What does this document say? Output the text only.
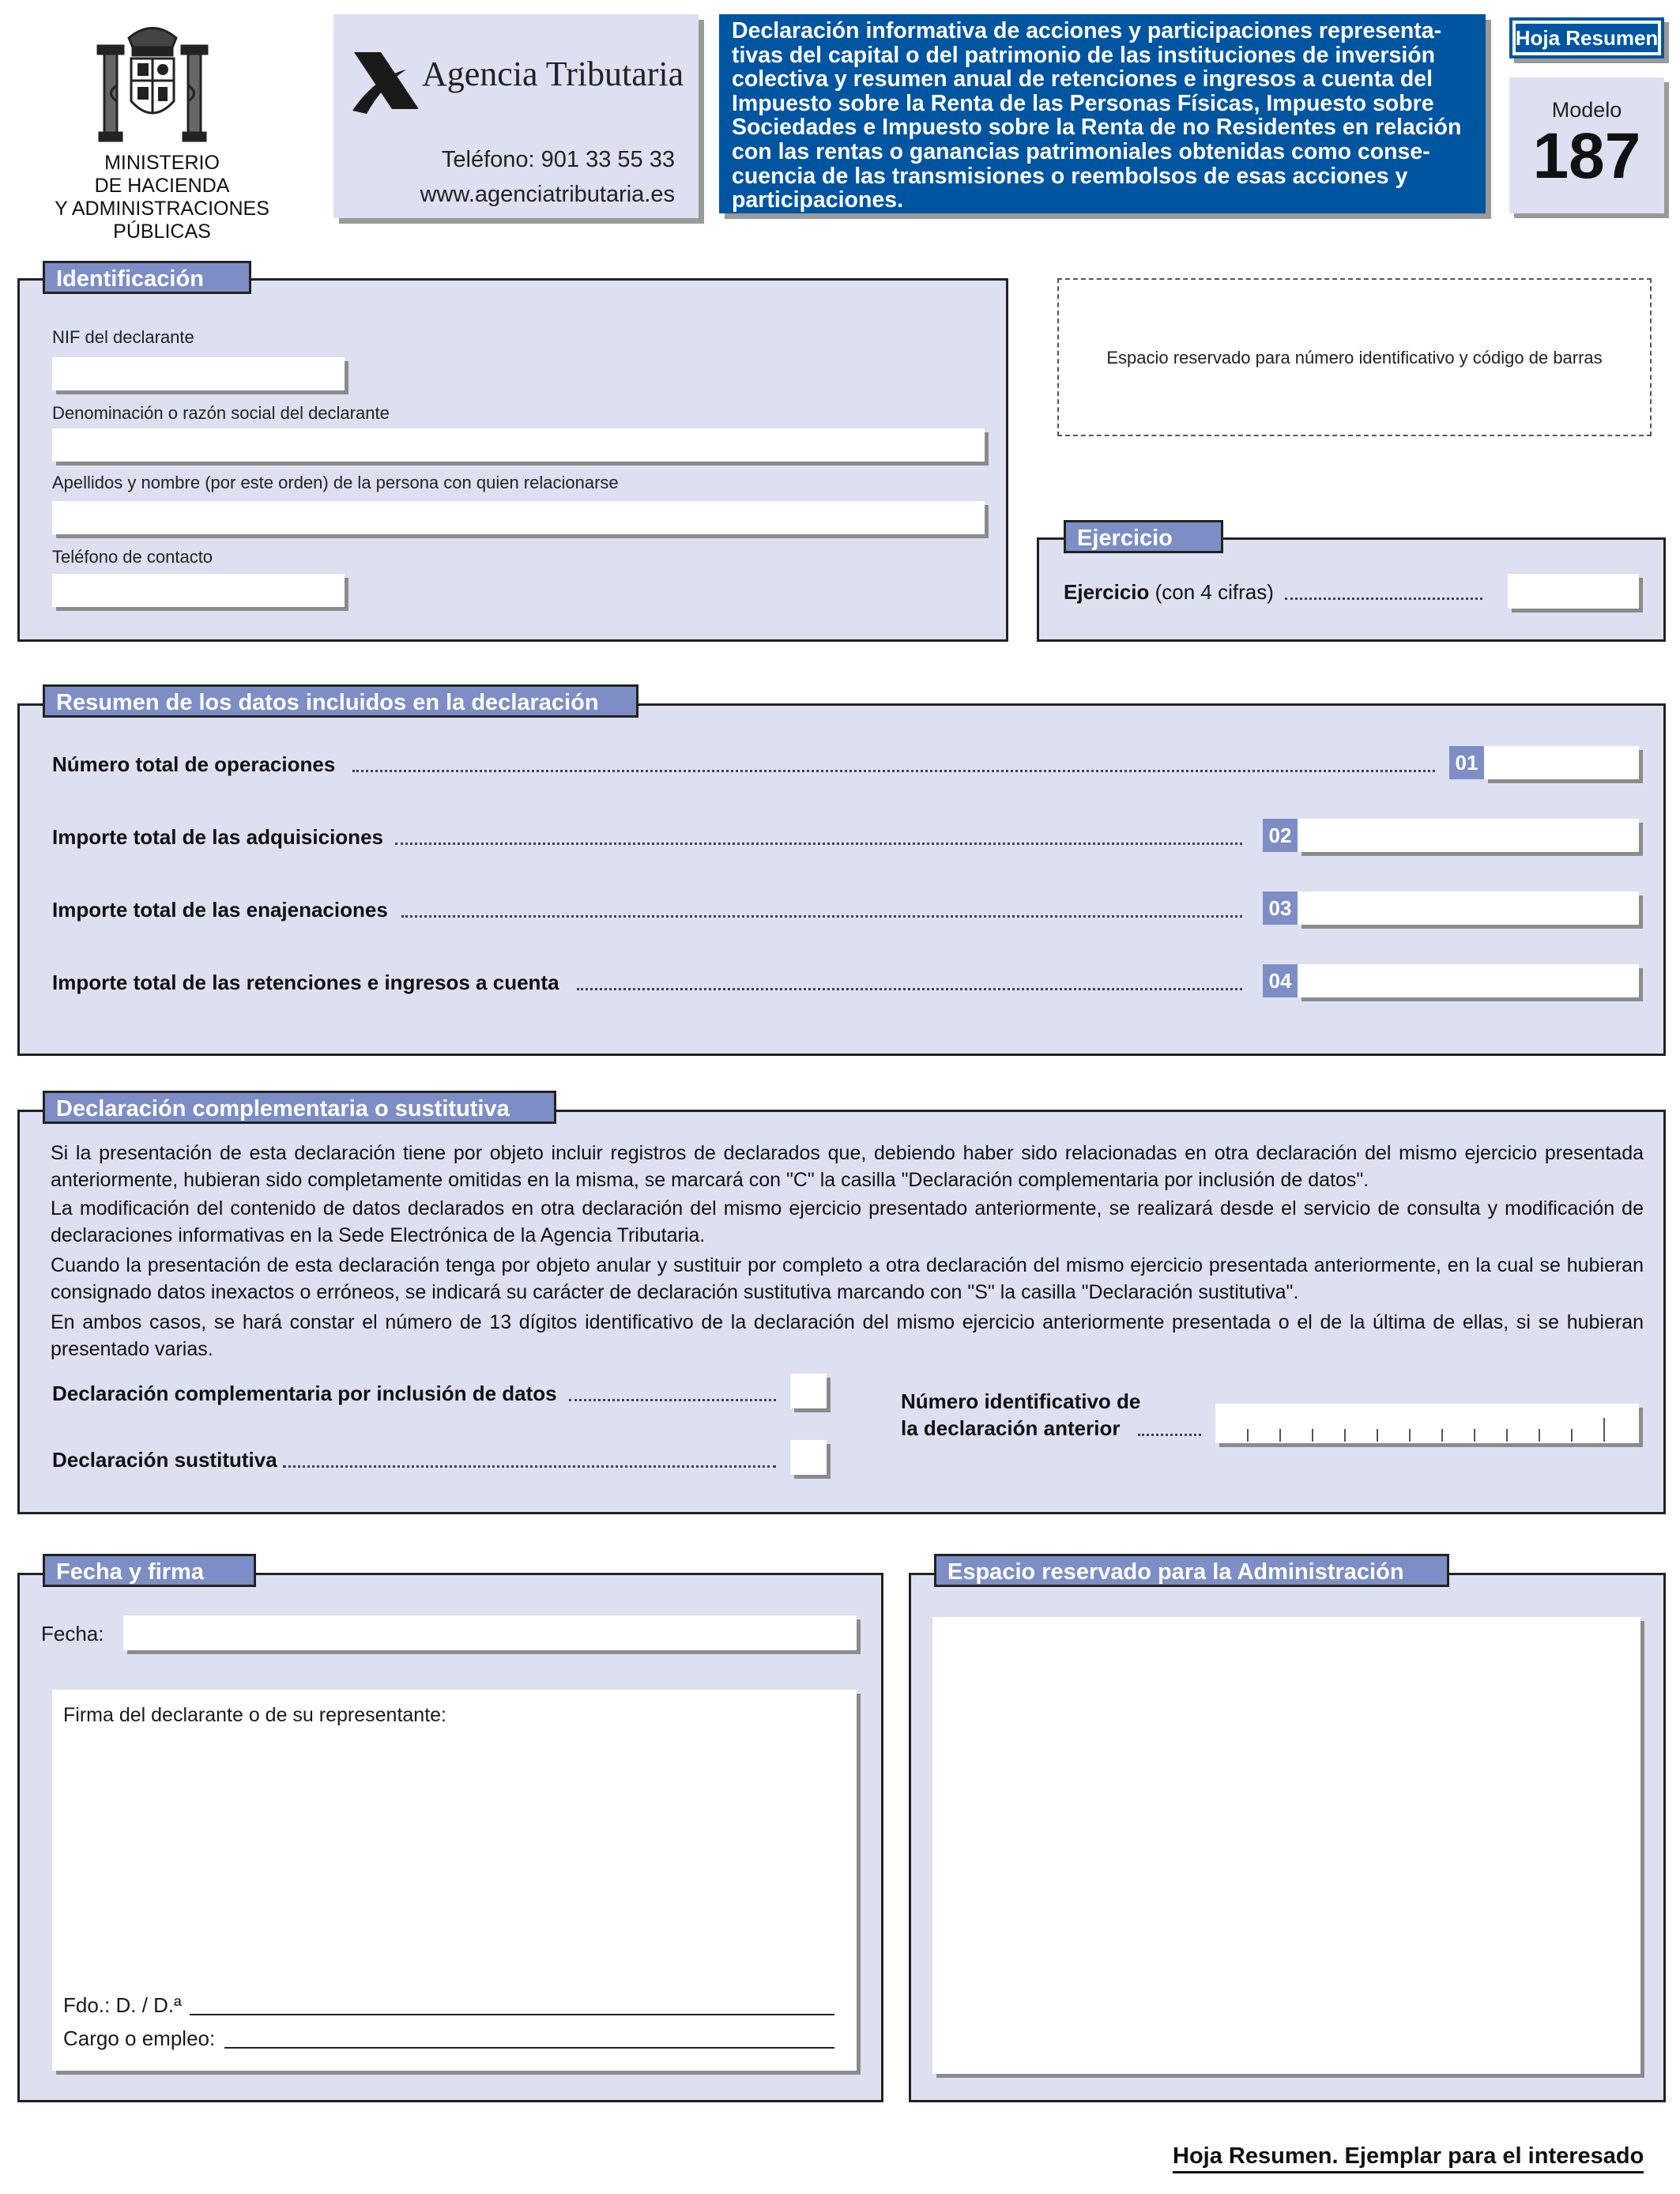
MINISTERIO
DE HACIENDA
Y ADMINISTRACIONES PÚBLICAS
Agencia Tributaria
Teléfono: 901 33 55 33
www.agenciatributaria.es
Declaración informativa de acciones y participaciones representa-tivas del capital o del patrimonio de las instituciones de inversión colectiva y resumen anual de retenciones e ingresos a cuenta del Impuesto sobre la Renta de las Personas Físicas, Impuesto sobre Sociedades e Impuesto sobre la Renta de no Residentes en relación con las rentas o ganancias patrimoniales obtenidas como conse-cuencia de las transmisiones o reembolsos de esas acciones y participaciones.
Hoja Resumen
Modelo
187
Identificación
NIF del declarante
Denominación o razón social del declarante
Apellidos y nombre (por este orden) de la persona con quien relacionarse
Teléfono de contacto
Espacio reservado para número identificativo y código de barras
Ejercicio
Ejercicio (con 4 cifras)
Resumen de los datos incluidos en la declaración
Número total de operaciones	01
Importe total de las adquisiciones	02
Importe total de las enajenaciones	03
Importe total de las retenciones e ingresos a cuenta	04
Declaración complementaria o sustitutiva

Si la presentación de esta declaración tiene por objeto incluir registros de declarados que, debiendo haber sido relacionadas en otra declaración del mismo ejercicio presentada anteriormente, hubieran sido completamente omitidas en la misma, se marcará con "C" la casilla "Declaración complementaria por inclusión de datos".

La modificación del contenido de datos declarados en otra declaración del mismo ejercicio presentado anteriormente, se realizará desde el servicio de consulta y modificación de declaraciones informativas en la Sede Electrónica de la Agencia Tributaria.

Cuando la presentación de esta declaración tenga por objeto anular y sustituir por completo a otra declaración del mismo ejercicio presentada anteriormente, en la cual se hubieran consignado datos inexactos o erróneos, se indicará su carácter de declaración sustitutiva marcando con "S" la casilla "Declaración sustitutiva".

En ambos casos, se hará constar el número de 13 dígitos identificativo de la declaración del mismo ejercicio anteriormente presentada o el de la última de ellas, si se hubieran presentado varias.

Declaración complementaria por inclusión de datos
Declaración sustitutiva
Número identificativo de
la declaración anterior
Fecha y firma
Fecha:
Firma del declarante o de su representante:
Fdo.: D. / D.ª
Cargo o empleo:
Espacio reservado para la Administración
Hoja Resumen. Ejemplar para el interesado
